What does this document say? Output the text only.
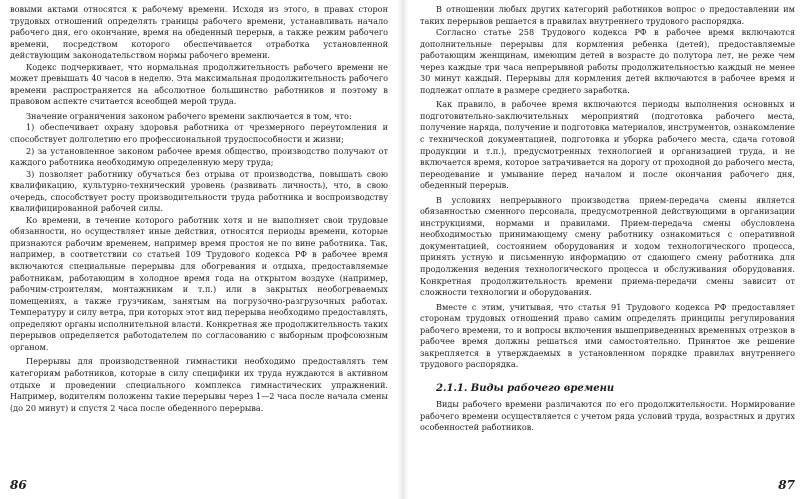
вовыми актами относятся к рабочему времени. Исходя из этого, в правах сторон трудовых отношений определять границы рабочего времени, устанавливать начало рабочего дня, его окончание, время на обеденный перерыв, а также режим рабочего времени, посредством которого обеспечивается отработка установленной действующим законодательством нормы рабочего времени.

Кодекс подчеркивает, что нормальная продолжительность рабочего времени не может превышать 40 часов в неделю. Эта максимальная продолжительность рабочего времени распространяется на абсолютное большинство работников и поэтому в правовом аспекте считается всеобщей мерой труда.

Значение ограничения законом рабочего времени заключается в том, что:

1) обеспечивает охрану здоровья работника от чрезмерного переутомления и способствует долголетию его профессиональной трудоспособности и жизни;

2) за установленное законом рабочее время общество, производство получают от каждого работника необходимую определенную меру труда;

3) позволяет работнику обучаться без отрыва от производства, повышать свою квалификацию, культурно-технический уровень (развивать личность), что, в свою очередь, способствует росту производительности труда работника и воспроизводству квалифицированной рабочей силы.

Ко времени, в течение которого работник хотя и не выполняет свои трудовые обязанности, но осуществляет иные действия, относятся периоды времени, которые признаются рабочим временем, например время простоя не по вине работника. Так, например, в соответствии со статьей 109 Трудового кодекса РФ в рабочее время включаются специальные перерывы для обогревания и отдыха, предоставляемые работникам, работающим в холодное время года на открытом воздухе (например, рабочим-строителям, монтажникам и т.п.) или в закрытых необогреваемых помещениях, а также грузчикам, занятым на погрузочно-разгрузочных работах. Температуру и силу ветра, при которых этот вид перерыва необходимо предоставлять, определяют органы исполнительной власти. Конкретная же продолжительность таких перерывов определяется работодателем по согласованию с выборным профсоюзным органом.

Перерывы для производственной гимнастики необходимо предоставлять тем категориям работников, которые в силу специфики их труда нуждаются в активном отдыхе и проведении специального комплекса гимнастических упражнений. Например, водителям положены такие перерывы через 1—2 часа после начала смены (до 20 минут) и спустя 2 часа после обеденного перерыва.

86

В отношении любых других категорий работников вопрос о предоставлении им таких перерывов решается в правилах внутреннего трудового распорядка.

Согласно статье 258 Трудового кодекса РФ в рабочее время включаются дополнительные перерывы для кормления ребенка (детей), предоставляемые работающим женщинам, имеющим детей в возрасте до полутора лет, не реже чем через каждые три часа непрерывной работы продолжительностью каждый не менее 30 минут каждый. Перерывы для кормления детей включаются в рабочее время и подлежат оплате в размере среднего заработка.

Как правило, в рабочее время включаются периоды выполнения основных и подготовительно-заключительных мероприятий (подготовка рабочего места, получение наряда, получение и подготовка материалов, инструментов, ознакомление с технической документацией, подготовка и уборка рабочего места, сдача готовой продукции и т.п.), предусмотренных технологией и организацией труда, и не включается время, которое затрачивается на дорогу от проходной до рабочего места, переодевание и умывание перед началом и после окончания рабочего дня, обеденный перерыв.

В условиях непрерывного производства прием-передача смены является обязанностью сменного персонала, предусмотренной действующими в организации инструкциями, нормами и правилами. Прием-передача смены обусловлена необходимостью принимающему смену работнику ознакомиться с оперативной документацией, состоянием оборудования и ходом технологического процесса, принять устную и письменную информацию от сдающего смену работника для продолжения ведения технологического процесса и обслуживания оборудования. Конкретная продолжительность времени приема-передачи смены зависит от сложности технологии и оборудования.

Вместе с этим, учитывая, что статья 91 Трудового кодекса РФ предоставляет сторонам трудовых отношений право самим определять принципы регулирования рабочего времени, то и вопросы включения вышеприведенных временных отрезков в рабочее время должны решаться ими самостоятельно. Принятое же решение закрепляется в утверждаемых в установленном порядке правилах внутреннего трудового распорядка.

2.1.1. Виды рабочего времени

Виды рабочего времени различаются по его продолжительности. Нормирование рабочего времени осуществляется с учетом ряда условий труда, возрастных и других особенностей работников.

87
